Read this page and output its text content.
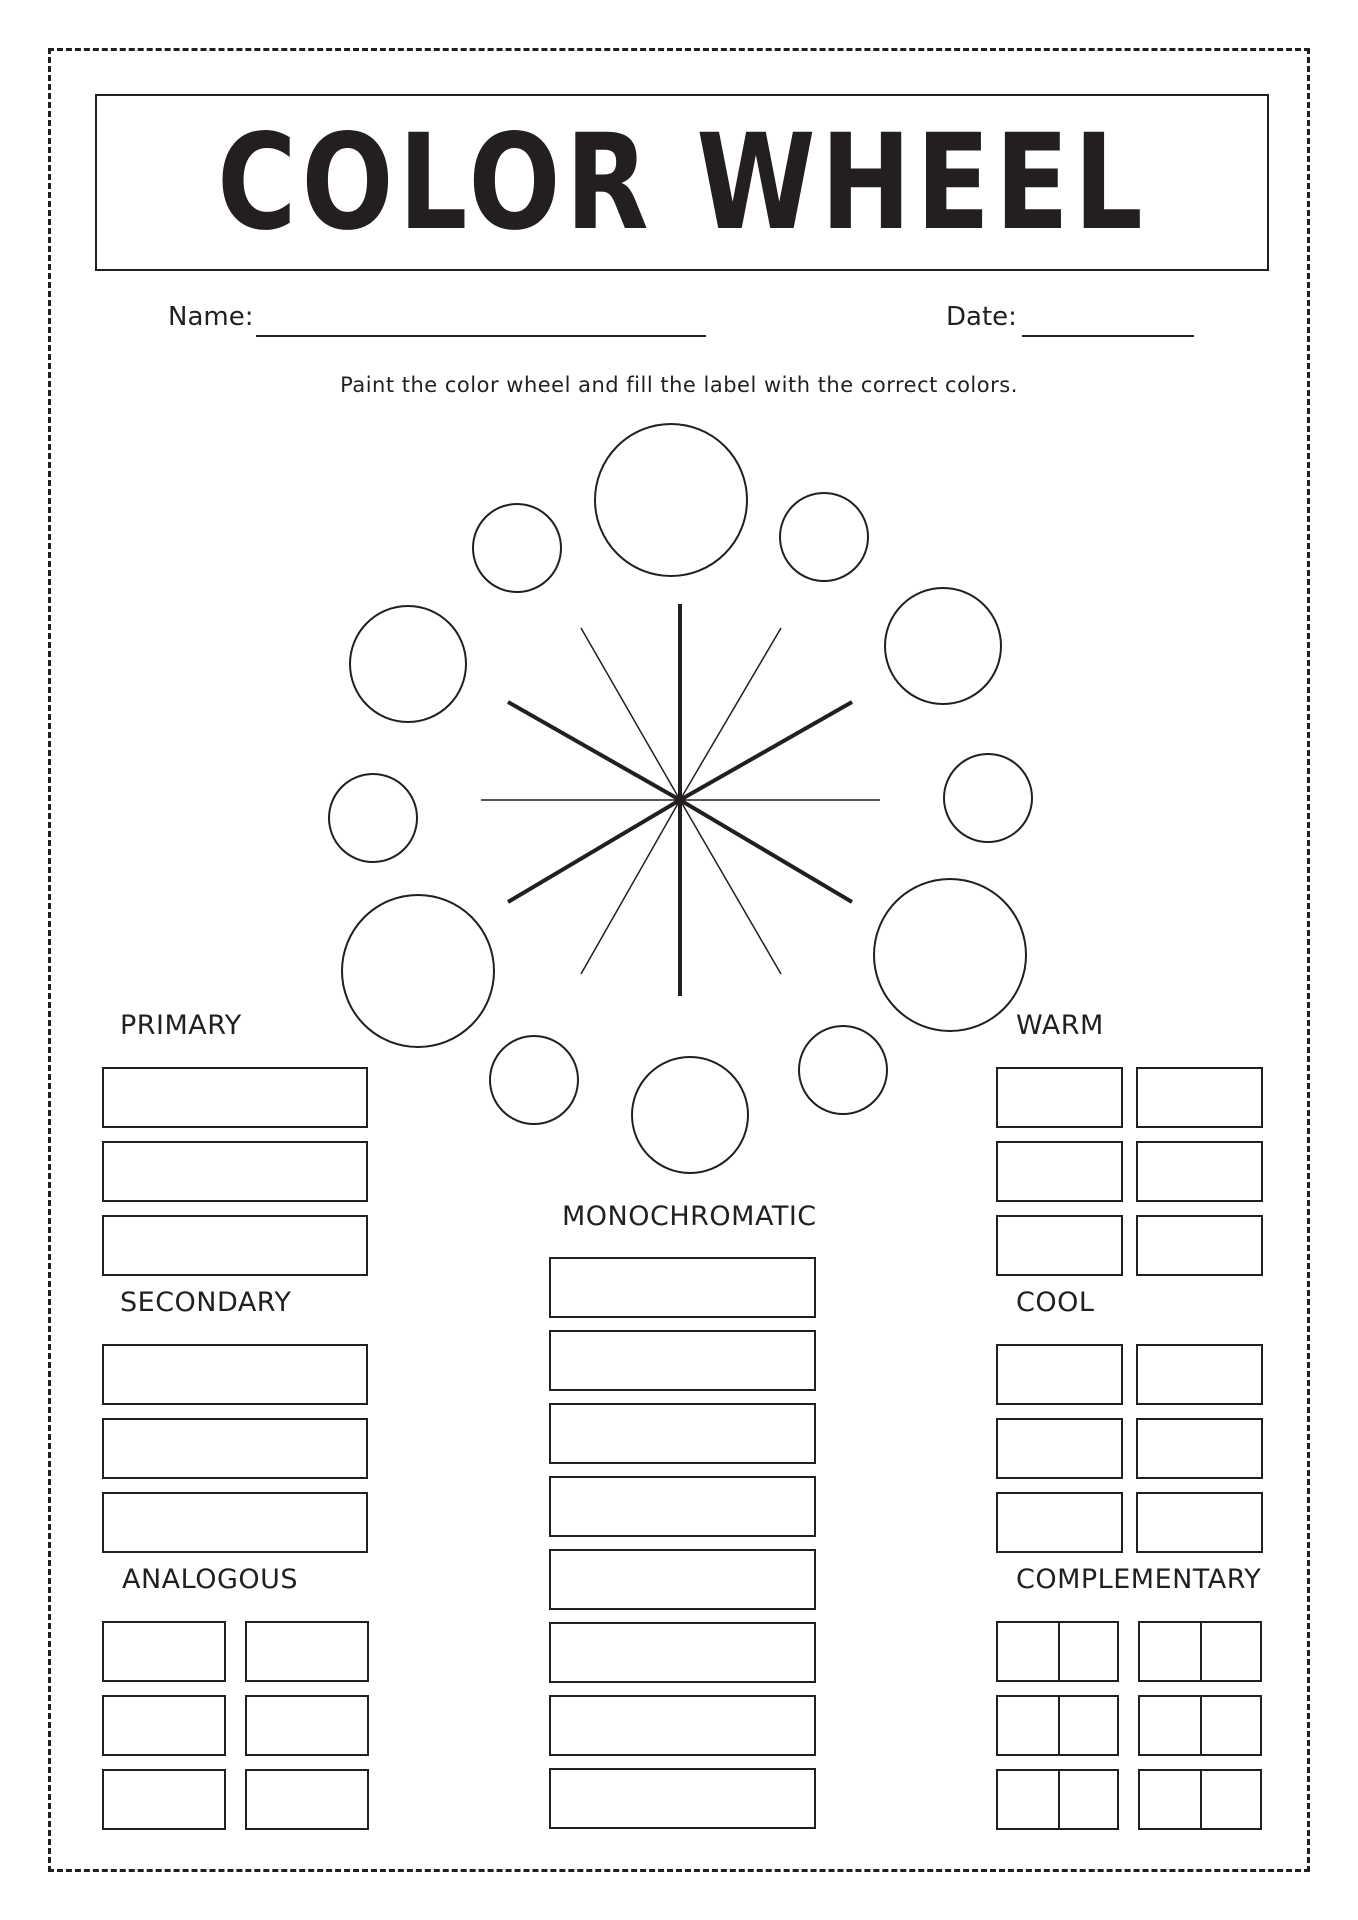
COLOR WHEEL
Name:	Date:
Paint the color wheel and fill the label with the correct colors.
PRIMARY
SECONDARY
ANALOGOUS
MONOCHROMATIC
WARM
COOL
COMPLEMENTARY
